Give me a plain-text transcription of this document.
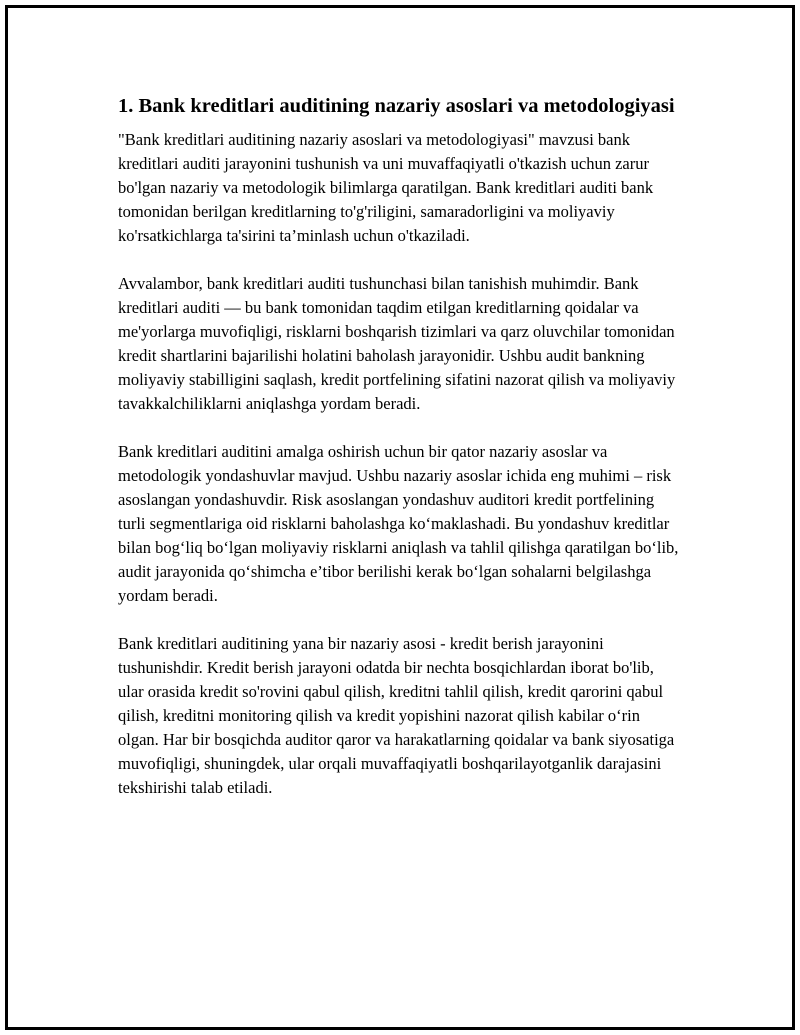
1. Bank kreditlari auditining nazariy asoslari va metodologiyasi

"Bank kreditlari auditining nazariy asoslari va metodologiyasi" mavzusi bank kreditlari auditi jarayonini tushunish va uni muvaffaqiyatli o'tkazish uchun zarur bo'lgan nazariy va metodologik bilimlarga qaratilgan. Bank kreditlari auditi bank tomonidan berilgan kreditlarning to'g'riligini, samaradorligini va moliyaviy ko'rsatkichlarga ta'sirini ta’minlash uchun o'tkaziladi.

Avvalambor, bank kreditlari auditi tushunchasi bilan tanishish muhimdir. Bank kreditlari auditi — bu bank tomonidan taqdim etilgan kreditlarning qoidalar va me'yorlarga muvofiqligi, risklarni boshqarish tizimlari va qarz oluvchilar tomonidan kredit shartlarini bajarilishi holatini baholash jarayonidir. Ushbu audit bankning moliyaviy stabilligini saqlash, kredit portfelining sifatini nazorat qilish va moliyaviy tavakkalchiliklarni aniqlashga yordam beradi.

Bank kreditlari auditini amalga oshirish uchun bir qator nazariy asoslar va metodologik yondashuvlar mavjud. Ushbu nazariy asoslar ichida eng muhimi – risk asoslangan yondashuvdir. Risk asoslangan yondashuv auditori kredit portfelining turli segmentlariga oid risklarni baholashga ko‘maklashadi. Bu yondashuv kreditlar bilan bog‘liq bo‘lgan moliyaviy risklarni aniqlash va tahlil qilishga qaratilgan bo‘lib, audit jarayonida qo‘shimcha e’tibor berilishi kerak bo‘lgan sohalarni belgilashga yordam beradi.

Bank kreditlari auditining yana bir nazariy asosi - kredit berish jarayonini tushunishdir. Kredit berish jarayoni odatda bir nechta bosqichlardan iborat bo'lib, ular orasida kredit so'rovini qabul qilish, kreditni tahlil qilish, kredit qarorini qabul qilish, kreditni monitoring qilish va kredit yopishini nazorat qilish kabilar o‘rin olgan. Har bir bosqichda auditor qaror va harakatlarning qoidalar va bank siyosatiga muvofiqligi, shuningdek, ular orqali muvaffaqiyatli boshqarilayotganlik darajasini tekshirishi talab etiladi.
